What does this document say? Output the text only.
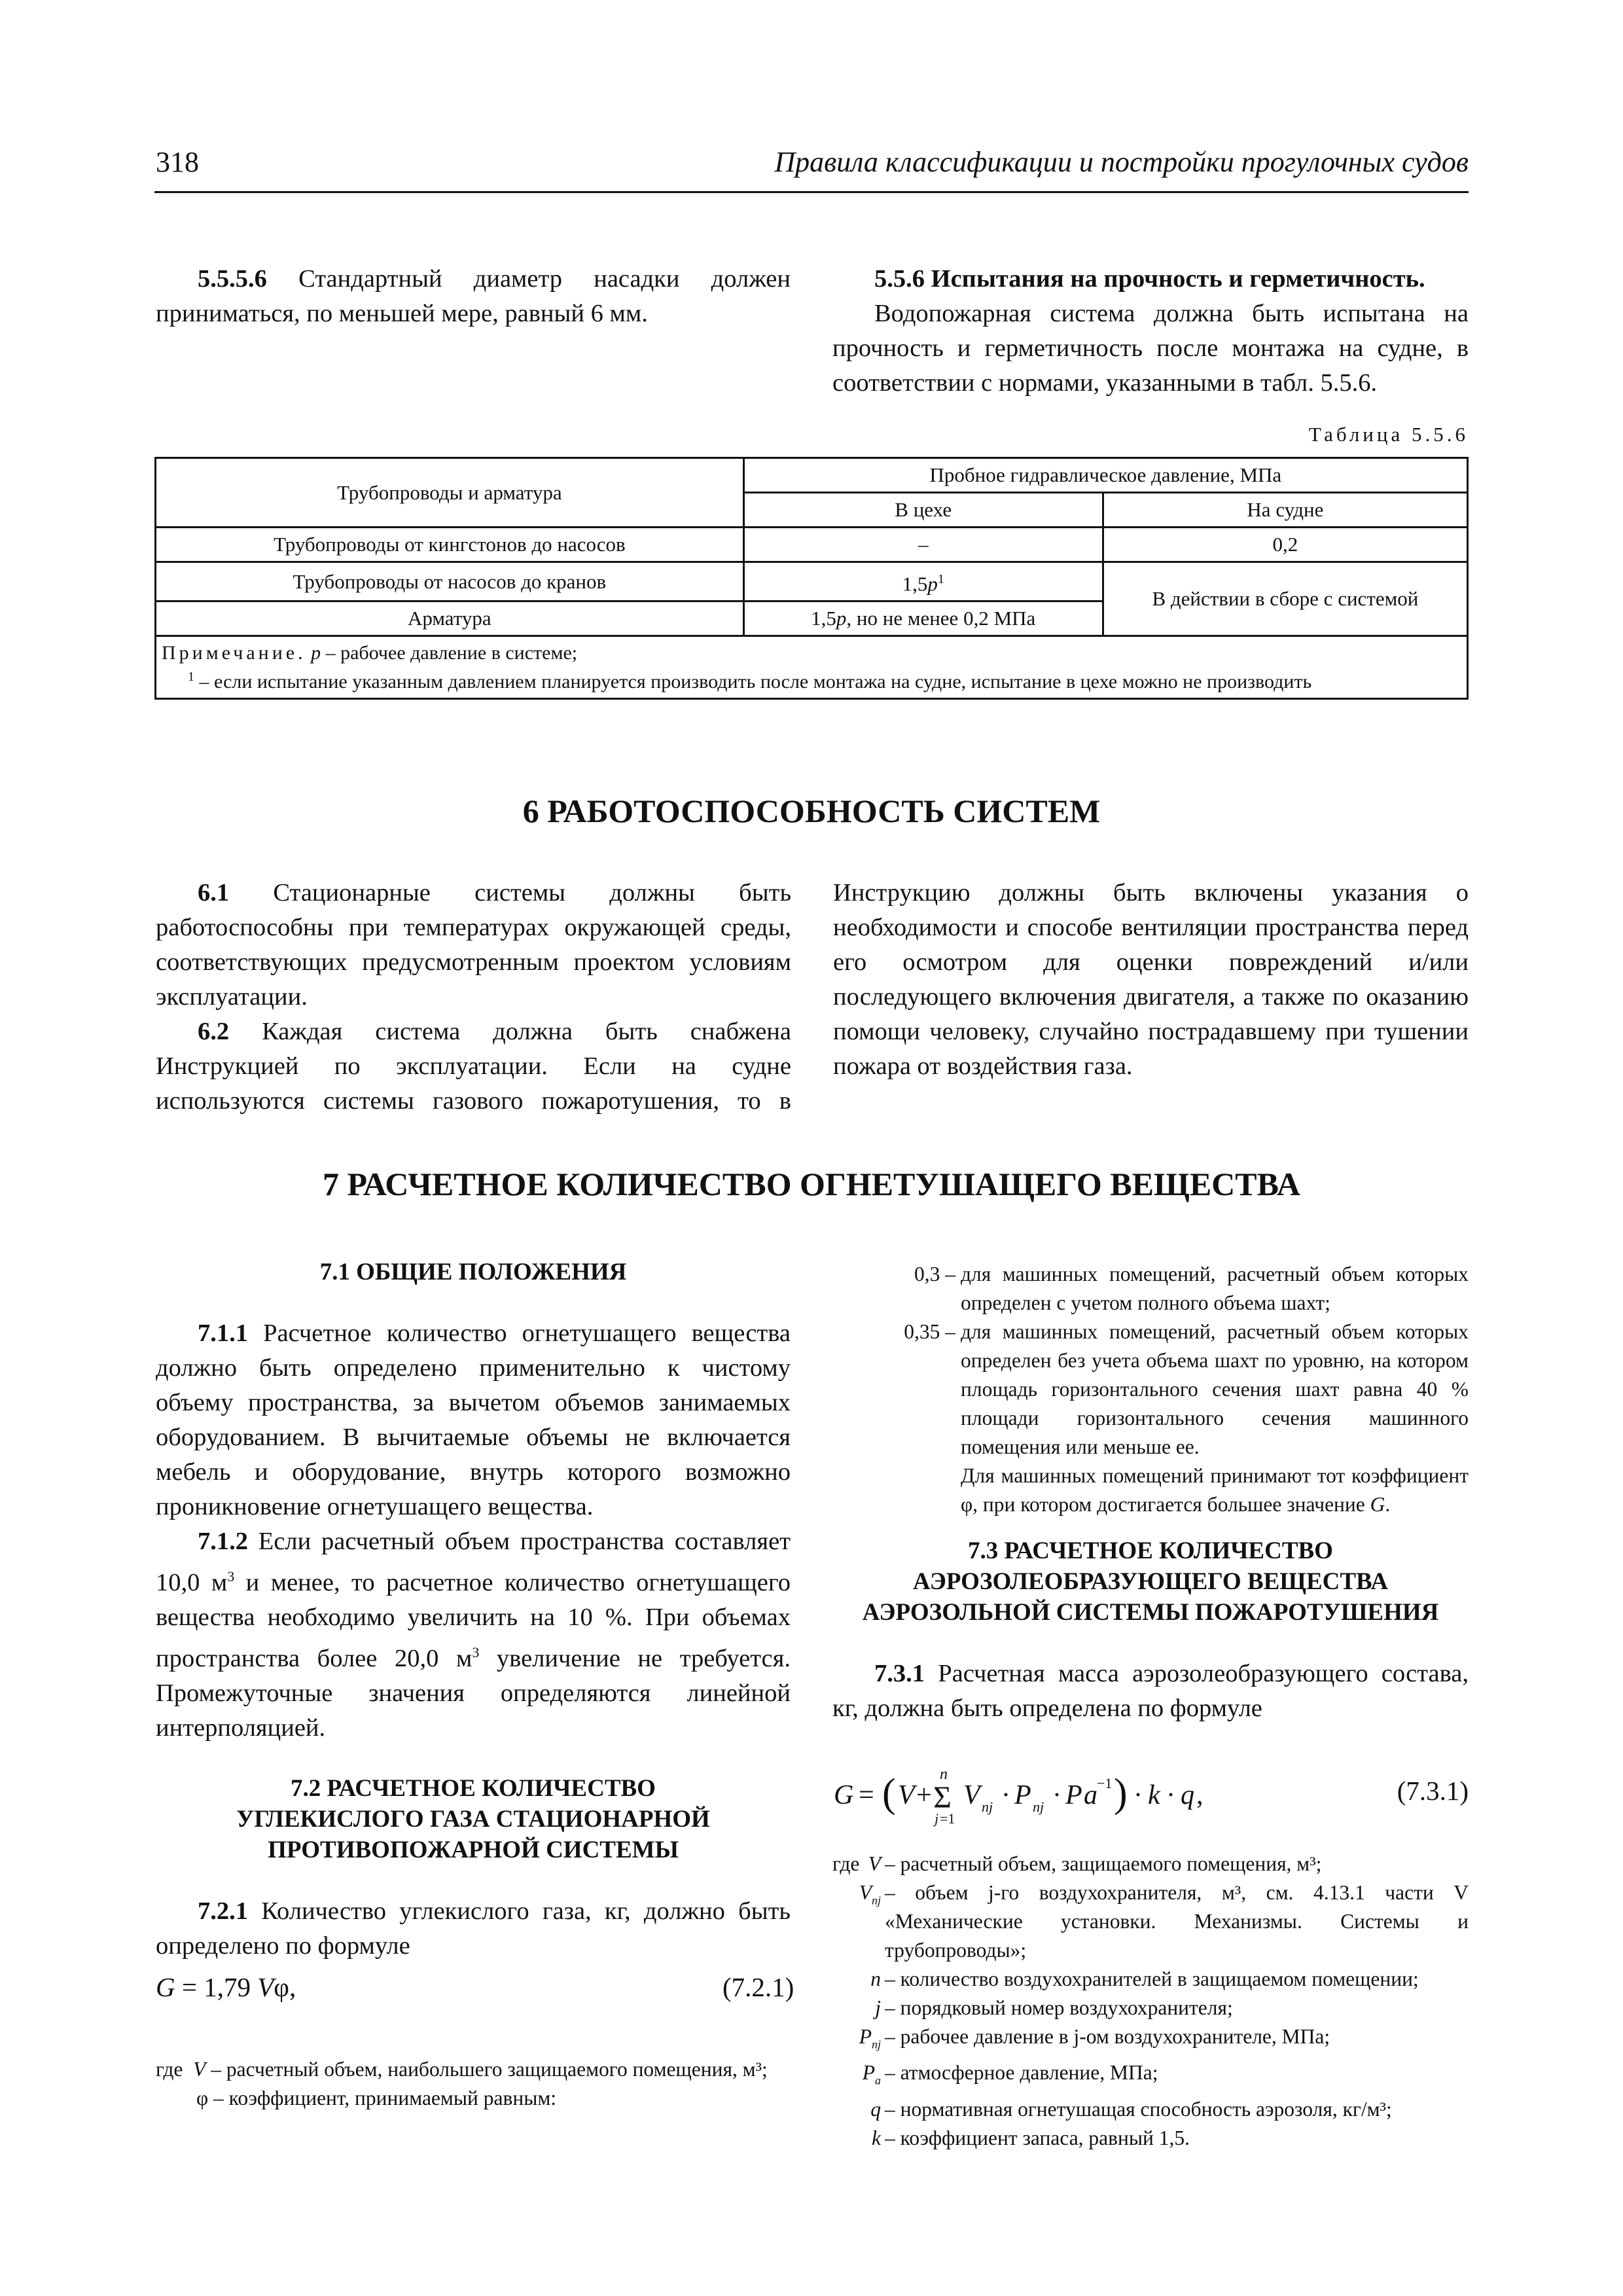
318	Правила классификации и постройки прогулочных судов
5.5.5.6 Стандартный диаметр насадки должен приниматься, по меньшей мере, равный 6 мм.

5.5.6 Испытания на прочность и герметичность.

Водопожарная система должна быть испытана на прочность и герметичность после монтажа на судне, в соответствии с нормами, указанными в табл. 5.5.6.

Таблица 5.5.6
Трубопроводы и арматура	Пробное гидравлическое давление, МПа	
	В цехе	На судне
Трубопроводы от кингстонов до насосов	–	0,2
Трубопроводы от насосов до кранов	$1,5p^1$	В действии в сборе с системой
Арматура	1,5p, но не менее 0,2 МПа	

Примечание. p – рабочее давление в системе;
$^1$ – если испытание указанным давлением планируется производить после монтажа на судне, испытание в цехе можно не производить		
6 РАБОТОСПОСОБНОСТЬ СИСТЕМ

6.1 Стационарные системы должны быть работоспособны при температурах окружающей среды, соответствующих предусмотренным проектом условиям эксплуатации.

6.2 Каждая система должна быть снабжена Инструкцией по эксплуатации. Если на судне используются системы газового пожаротушения, то в Инструкцию должны быть включены указания о необходимости и способе вентиляции пространства перед его осмотром для оценки повреждений и/или последующего включения двигателя, а также по оказанию помощи человеку, случайно пострадавшему при тушении пожара от воздействия газа.

7 РАСЧЕТНОЕ КОЛИЧЕСТВО ОГНЕТУШАЩЕГО ВЕЩЕСТВА

7.1 ОБЩИЕ ПОЛОЖЕНИЯ

7.1.1 Расчетное количество огнетушащего вещества должно быть определено применительно к чистому объему пространства, за вычетом объемов занимаемых оборудованием. В вычитаемые объемы не включается мебель и оборудование, внутрь которого возможно проникновение огнетушащего вещества.

7.1.2 Если расчетный объем пространства составляет 10,0 $м^3$ и менее, то расчетное количество огнетушащего вещества необходимо увеличить на 10 %. При объемах пространства более 20,0 $м^3$ увеличение не требуется. Промежуточные значения определяются линейной интерполяцией.

7.2 РАСЧЕТНОЕ КОЛИЧЕСТВО

УГЛЕКИСЛОГО ГАЗА СТАЦИОНАРНОЙ

ПРОТИВОПОЖАРНОЙ СИСТЕМЫ

7.2.1 Количество углекислого газа, кг, должно быть определено по формуле

G = 1,79 Vφ,	(7.2.1)
где V – расчетный объем, наибольшего защищаемого помещения, м³;
φ – коэффициент, принимаемый равным:
0,3 – для машинных помещений, расчетный объем которых определен с учетом полного объема шахт;
0,35 – для машинных помещений, расчетный объем которых определен без учета объема шахт по уровню, на котором площадь горизонтального сечения шахт равна 40 % площади горизонтального сечения машинного помещения или меньше ее.
Для машинных помещений принимают тот коэффициент φ, при котором достигается большее значение G.

7.3 РАСЧЕТНОЕ КОЛИЧЕСТВО

АЭРОЗОЛЕОБРАЗУЮЩЕГО ВЕЩЕСТВА

АЭРОЗОЛЬНОЙ СИСТЕМЫ ПОЖАРОТУШЕНИЯ

7.3.1 Расчетная масса аэрозолеобразующего состава, кг, должна быть определена по формуле

G = ( V + Σ
n
j =1
V nj · P nj · P a −1 ) · k · q ,	(7.3.1)
где V – расчетный объем, защищаемого помещения, м³;
$V_{nj}$ – объем j-го воздухохранителя, м³, см. 4.13.1 части V «Механические установки. Механизмы. Системы и трубопроводы»;
n – количество воздухохранителей в защищаемом помещении;
j – порядковый номер воздухохранителя;
$P_{nj}$ – рабочее давление в j-ом воздухохранителе, МПа;
$P_a$ – атмосферное давление, МПа;
q – нормативная огнетушащая способность аэрозоля, кг/м³;
k – коэффициент запаса, равный 1,5.
